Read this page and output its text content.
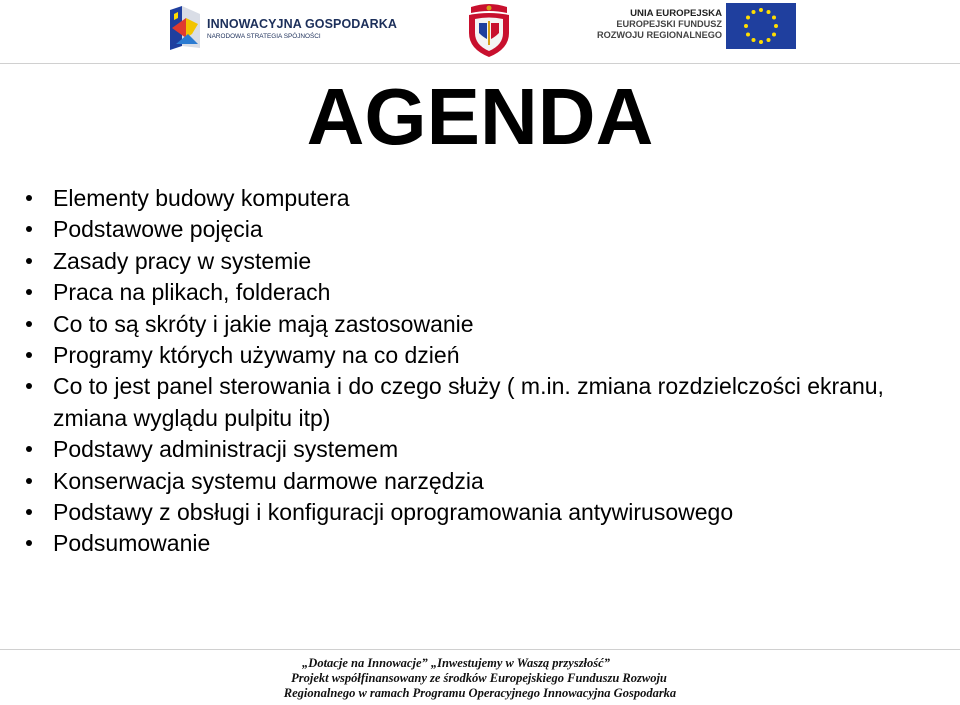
INNOWACYJNA GOSPODARKA
NARODOWA STRATEGIA SPÓJNOŚCI
UNIA EUROPEJSKA
EUROPEJSKI FUNDUSZ
ROZWOJU REGIONALNEGO
AGENDA
Elementy budowy komputera
Podstawowe pojęcia
Zasady pracy w systemie
Praca na plikach, folderach
Co to są skróty i jakie mają zastosowanie
Programy których używamy na co dzień
Co to jest panel sterowania i do czego służy ( m.in. zmiana rozdzielczości ekranu, zmiana wyglądu pulpitu itp)
Podstawy administracji systemem
Konserwacja systemu darmowe narzędzia
Podstawy z obsługi i konfiguracji oprogramowania antywirusowego
Podsumowanie
„Dotacje na Innowacje” „Inwestujemy w Waszą przyszłość”
Projekt współfinansowany ze środków Europejskiego Funduszu Rozwoju
Regionalnego w ramach Programu Operacyjnego Innowacyjna Gospodarka
